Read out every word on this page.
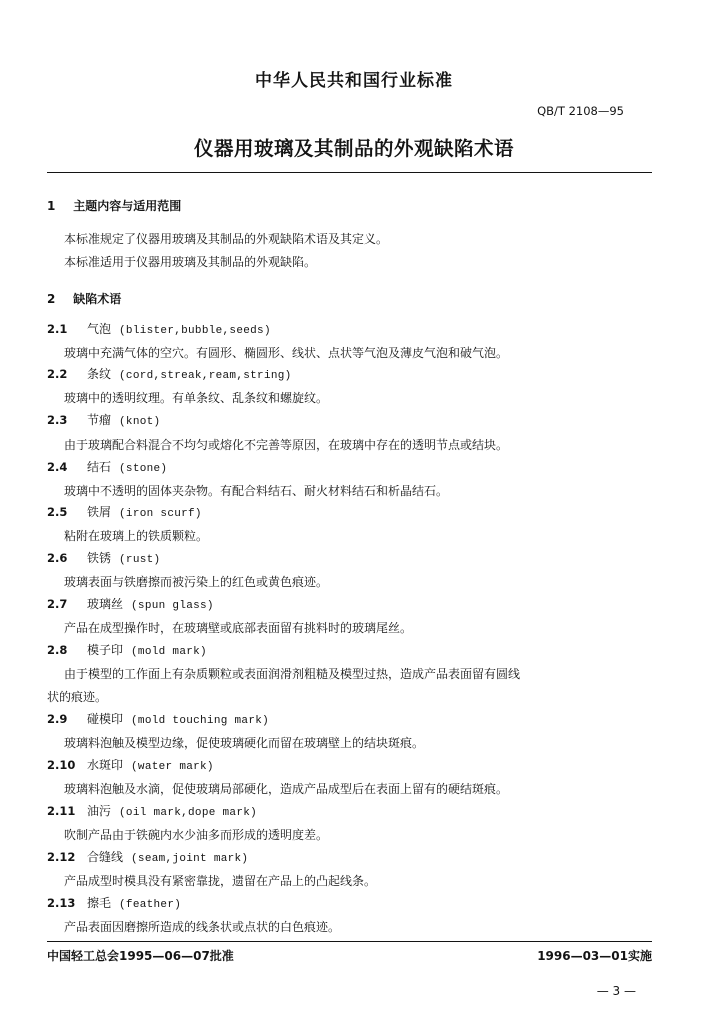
中华人民共和国行业标准
QB/T 2108—95
仪器用玻璃及其制品的外观缺陷术语
1 主题内容与适用范围
本标准规定了仪器用玻璃及其制品的外观缺陷术语及其定义。
本标准适用于仪器用玻璃及其制品的外观缺陷。
2 缺陷术语
2.1 气泡 (blister,bubble,seeds)
玻璃中充满气体的空穴。有圆形、椭圆形、线状、点状等气泡及薄皮气泡和破气泡。
2.2 条纹 (cord,streak,ream,string)
玻璃中的透明纹理。有单条纹、乱条纹和螺旋纹。
2.3 节瘤 (knot)
由于玻璃配合料混合不均匀或熔化不完善等原因，在玻璃中存在的透明节点或结块。
2.4 结石 (stone)
玻璃中不透明的固体夹杂物。有配合料结石、耐火材料结石和析晶结石。
2.5 铁屑 (iron scurf)
粘附在玻璃上的铁质颗粒。
2.6 铁锈 (rust)
玻璃表面与铁磨擦而被污染上的红色或黄色痕迹。
2.7 玻璃丝 (spun glass)
产品在成型操作时，在玻璃壁或底部表面留有挑料时的玻璃尾丝。
2.8 模子印 (mold mark)
由于模型的工作面上有杂质颗粒或表面润滑剂粗糙及模型过热，造成产品表面留有圆线
状的痕迹。
2.9 碰模印 (mold touching mark)
玻璃料泡触及模型边缘，促使玻璃硬化而留在玻璃壁上的结块斑痕。
2.10 水斑印 (water mark)
玻璃料泡触及水滴，促使玻璃局部硬化，造成产品成型后在表面上留有的硬结斑痕。
2.11 油污 (oil mark,dope mark)
吹制产品由于铁碗内水少油多而形成的透明度差。
2.12 合缝线 (seam,joint mark)
产品成型时模具没有紧密靠拢，遗留在产品上的凸起线条。
2.13 擦毛 (feather)
产品表面因磨擦所造成的线条状或点状的白色痕迹。
中国轻工总会1995—06—07批准	1996—03—01实施
— 3 —
